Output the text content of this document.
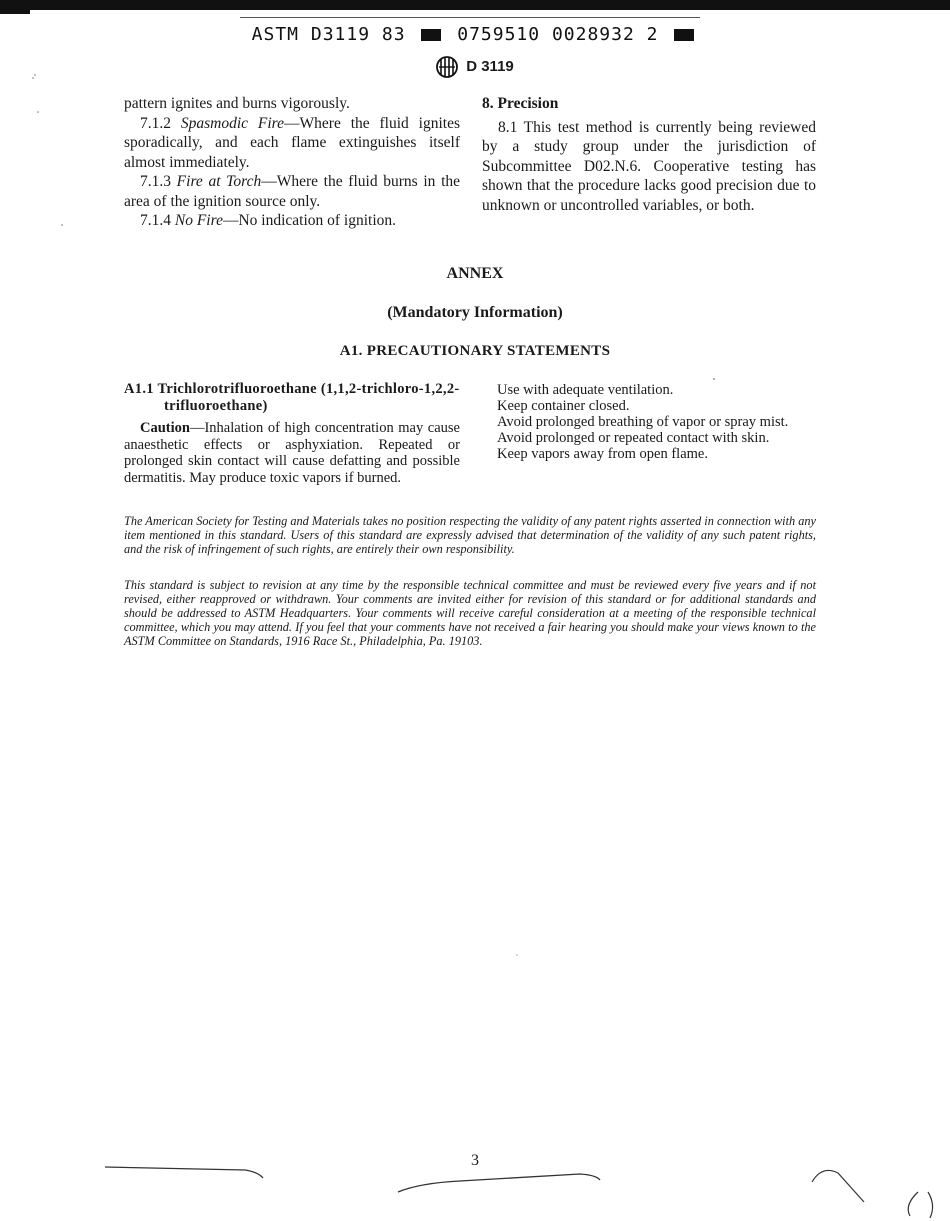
ASTM D3119 83	0759510 0028932 2
D 3119

pattern ignites and burns vigorously.

7.1.2 Spasmodic Fire—Where the fluid ignites sporadically, and each flame extinguishes itself almost immediately.

7.1.3 Fire at Torch—Where the fluid burns in the area of the ignition source only.

7.1.4 No Fire—No indication of ignition.

8. Precision

8.1 This test method is currently being reviewed by a study group under the jurisdiction of Subcommittee D02.N.6. Cooperative testing has shown that the procedure lacks good precision due to unknown or uncontrolled variables, or both.

ANNEX
(Mandatory Information)
A1. PRECAUTIONARY STATEMENTS

A1.1 Trichlorotrifluoroethane (1,1,2-trichloro-1,2,2-trifluoroethane)

Caution—Inhalation of high concentration may cause anaesthetic effects or asphyxiation. Repeated or prolonged skin contact will cause defatting and possible dermatitis. May produce toxic vapors if burned.

Use with adequate ventilation.

Keep container closed.

Avoid prolonged breathing of vapor or spray mist.

Avoid prolonged or repeated contact with skin.

Keep vapors away from open flame.

The American Society for Testing and Materials takes no position respecting the validity of any patent rights asserted in connection with any item mentioned in this standard. Users of this standard are expressly advised that determination of the validity of any such patent rights, and the risk of infringement of such rights, are entirely their own responsibility.

This standard is subject to revision at any time by the responsible technical committee and must be reviewed every five years and if not revised, either reapproved or withdrawn. Your comments are invited either for revision of this standard or for additional standards and should be addressed to ASTM Headquarters. Your comments will receive careful consideration at a meeting of the responsible technical committee, which you may attend. If you feel that your comments have not received a fair hearing you should make your views known to the ASTM Committee on Standards, 1916 Race St., Philadelphia, Pa. 19103.

3
